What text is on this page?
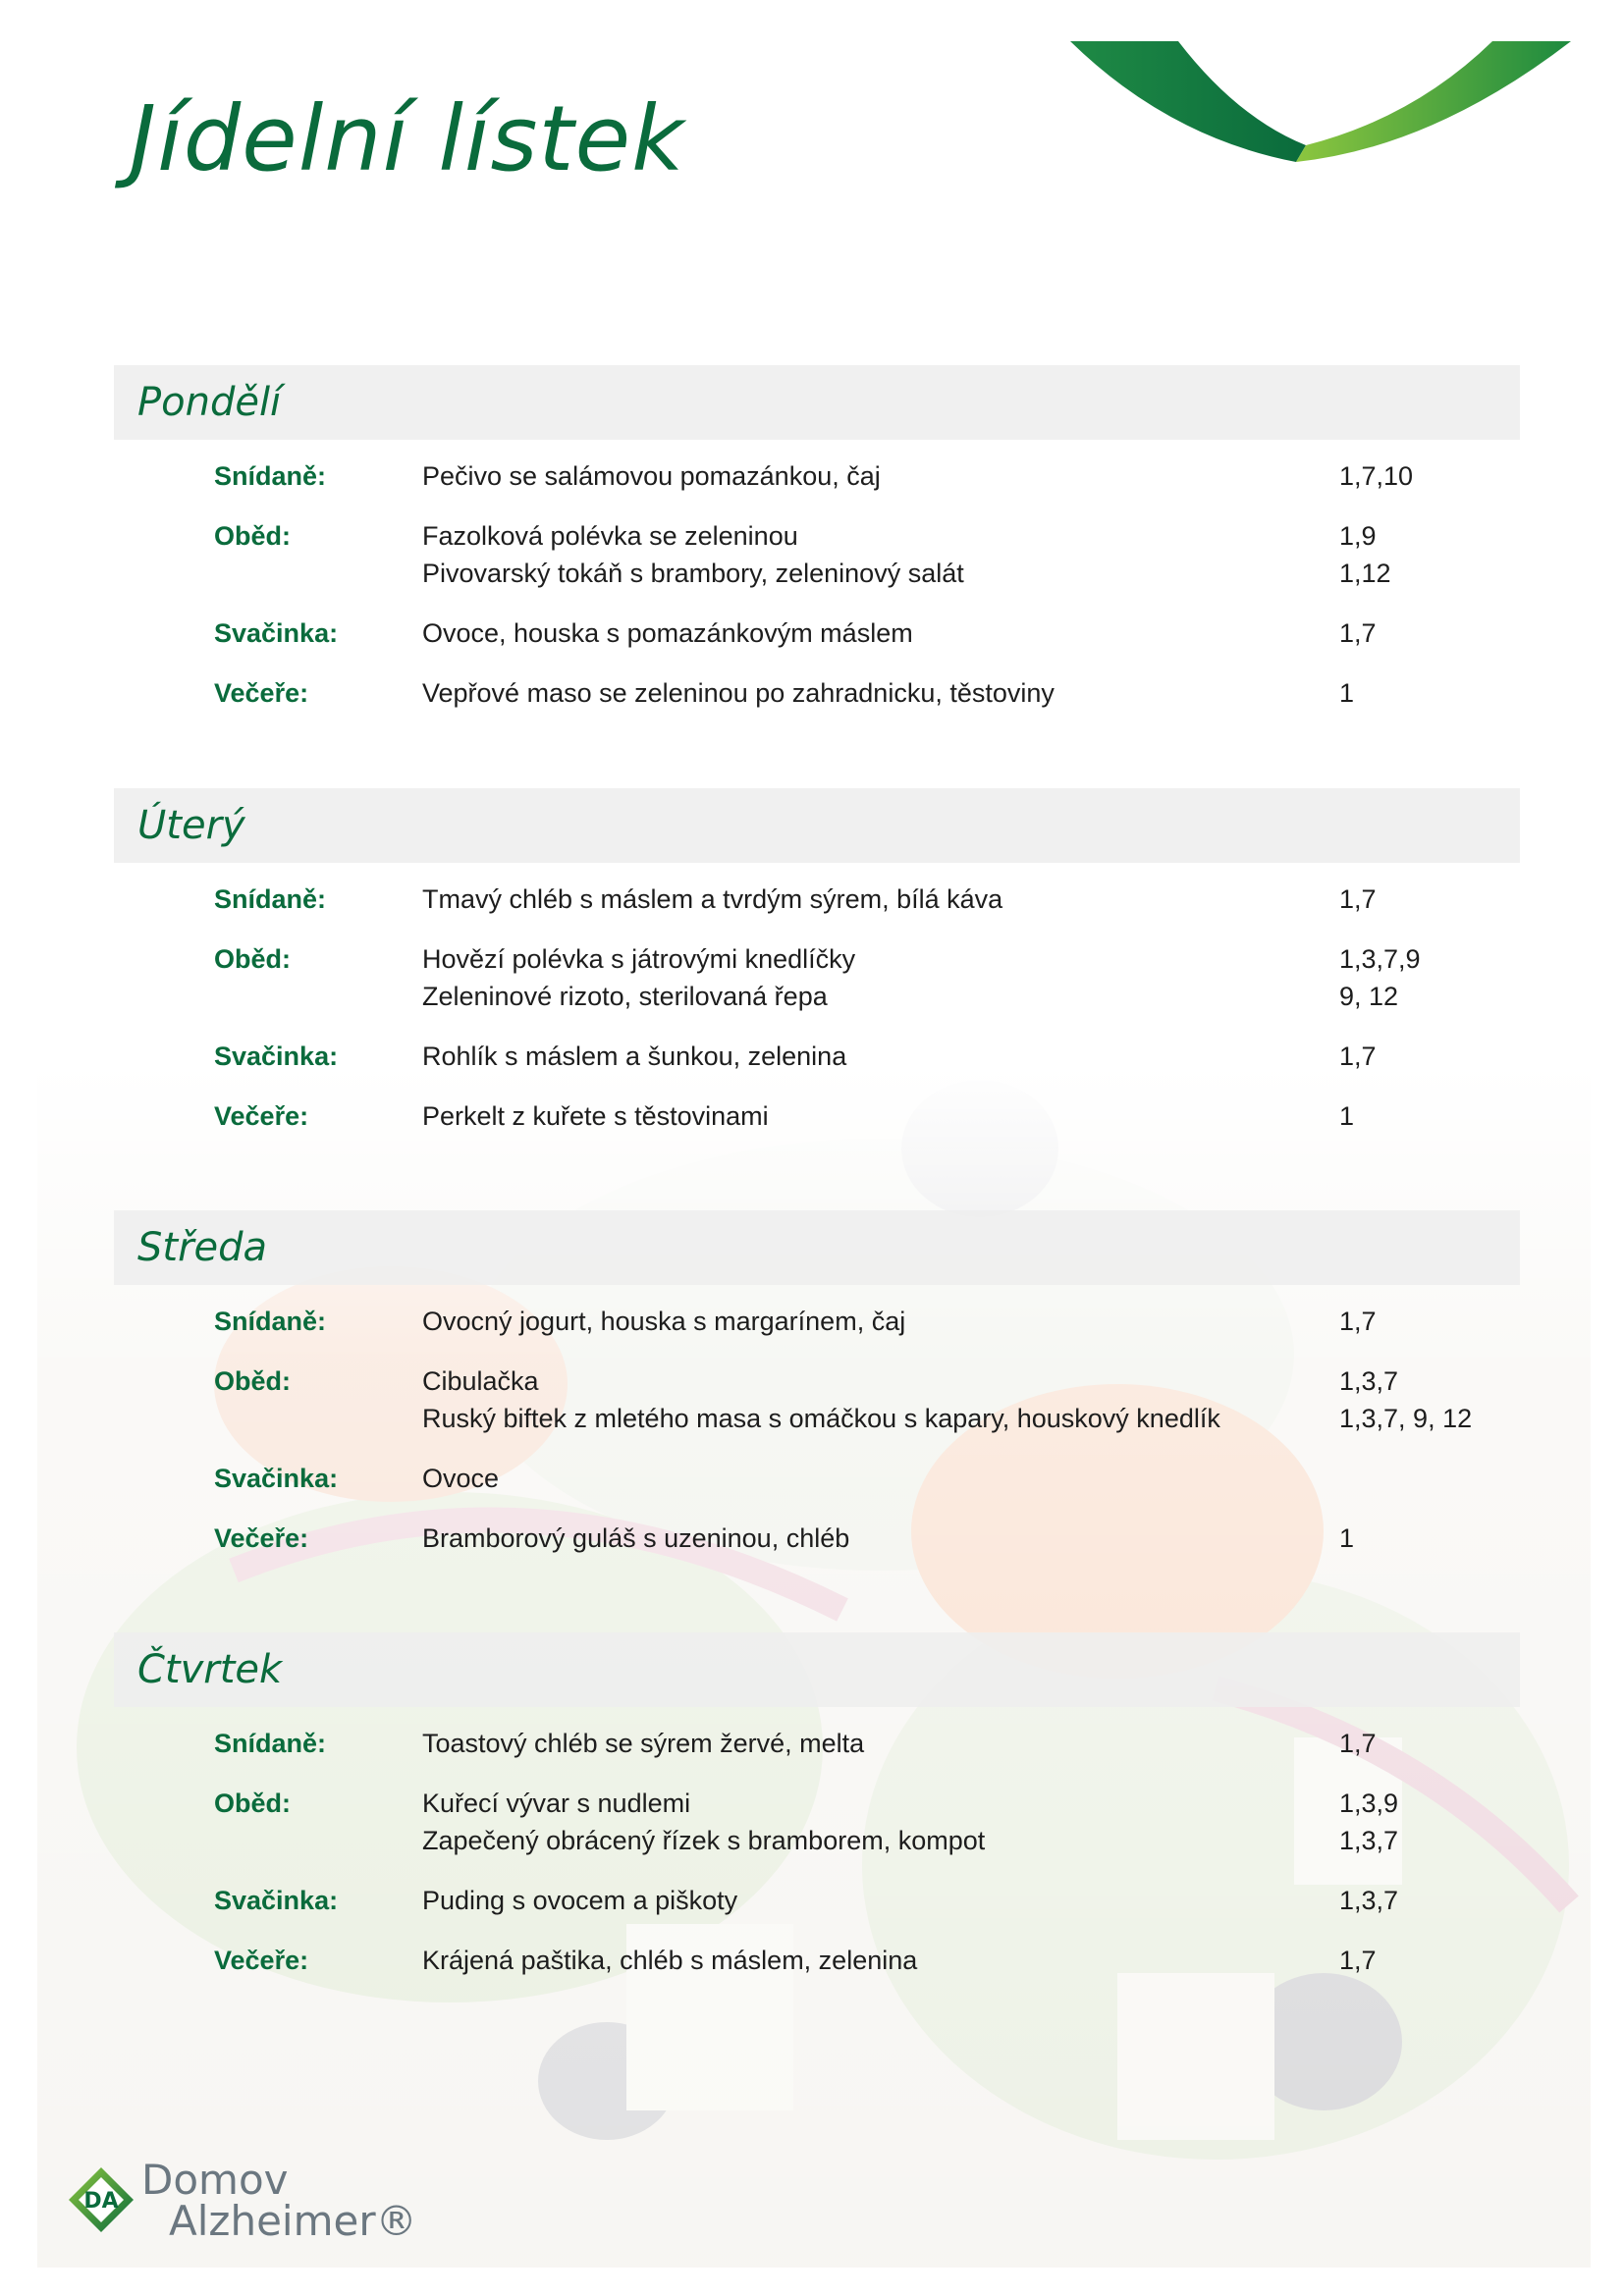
Jídelní lístek
Pondělí
Snídaně:	Pečivo se salámovou pomazánkou, čaj	1,7,10
Oběd:	Fazolková polévka se zeleninou	1,9
Pivovarský tokáň s brambory, zeleninový salát	1,12
Svačinka:	Ovoce, houska s pomazánkovým máslem	1,7
Večeře:	Vepřové maso se zeleninou po zahradnicku, těstoviny	1
Úterý
Snídaně:	Tmavý chléb s máslem a tvrdým sýrem, bílá káva	1,7
Oběd:	Hovězí polévka s játrovými knedlíčky	1,3,7,9
Zeleninové rizoto, sterilovaná řepa	9, 12
Svačinka:	Rohlík s máslem a šunkou, zelenina	1,7
Večeře:	Perkelt z kuřete s těstovinami	1
Středa
Snídaně:	Ovocný jogurt, houska s margarínem, čaj	1,7
Oběd:	Cibulačka	1,3,7
Ruský biftek z mletého masa s omáčkou s kapary, houskový knedlík	1,3,7, 9, 12
Svačinka:	Ovoce
Večeře:	Bramborový guláš s uzeninou, chléb	1
Čtvrtek
Snídaně:	Toastový chléb se sýrem žervé, melta	1,7
Oběd:	Kuřecí vývar s nudlemi	1,3,9
Zapečený obrácený řízek s bramborem, kompot	1,3,7
Svačinka:	Puding s ovocem a piškoty	1,3,7
Večeře:	Krájená paštika, chléb s máslem, zelenina	1,7
DA Domov
Alzheimer®
